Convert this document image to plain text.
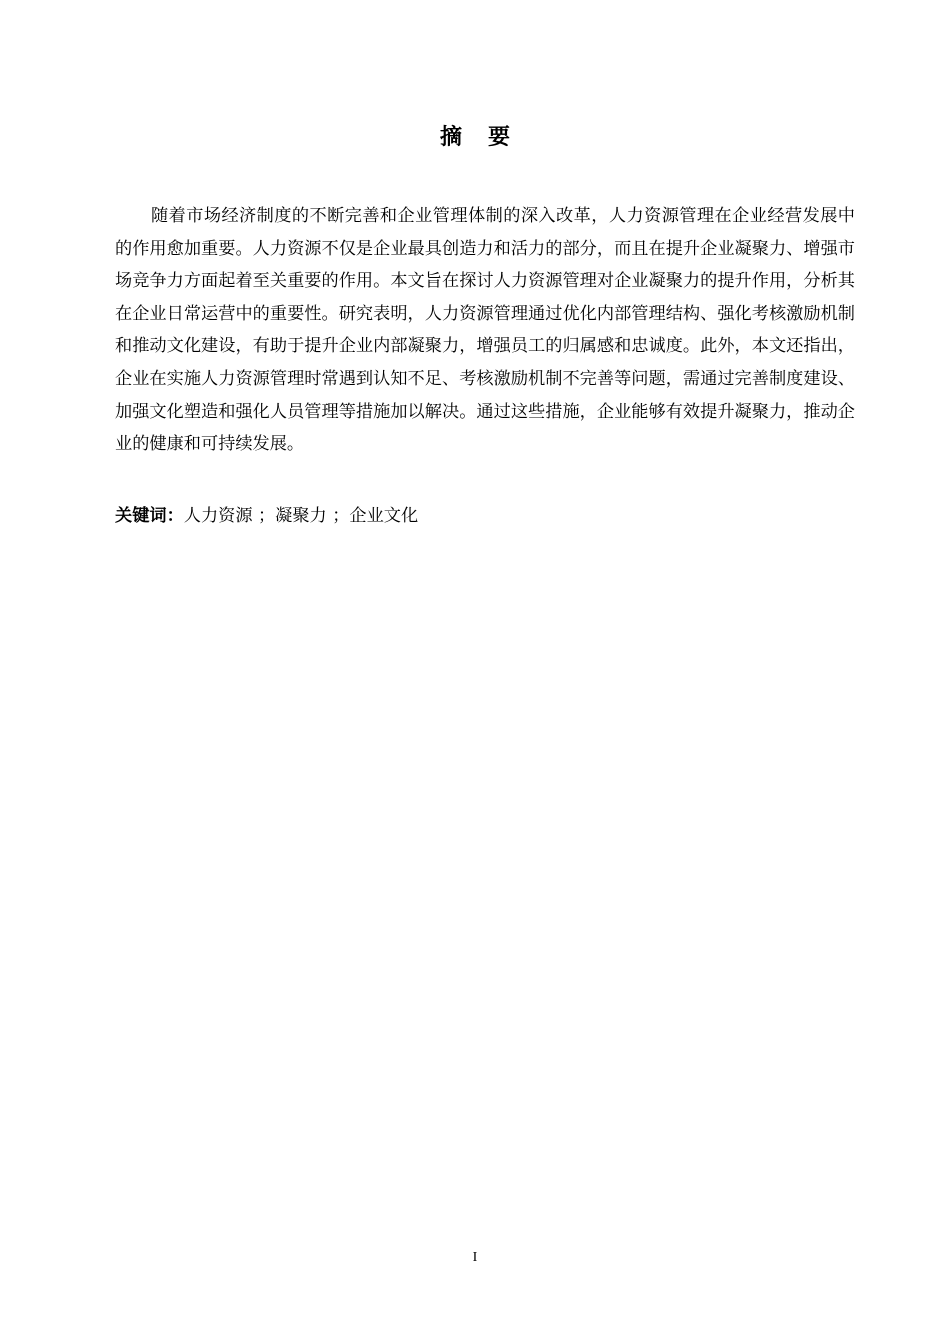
摘要

随着市场经济制度的不断完善和企业管理体制的深入改革，人力资源管理在企业经营发展中的作用愈加重要。人力资源不仅是企业最具创造力和活力的部分，而且在提升企业凝聚力、增强市场竞争力方面起着至关重要的作用。本文旨在探讨人力资源管理对企业凝聚力的提升作用，分析其在企业日常运营中的重要性。研究表明，人力资源管理通过优化内部管理结构、强化考核激励机制和推动文化建设，有助于提升企业内部凝聚力，增强员工的归属感和忠诚度。此外，本文还指出，企业在实施人力资源管理时常遇到认知不足、考核激励机制不完善等问题，需通过完善制度建设、加强文化塑造和强化人员管理等措施加以解决。通过这些措施，企业能够有效提升凝聚力，推动企业的健康和可持续发展。

关键词：人力资源 ；凝聚力 ；企业文化
I
